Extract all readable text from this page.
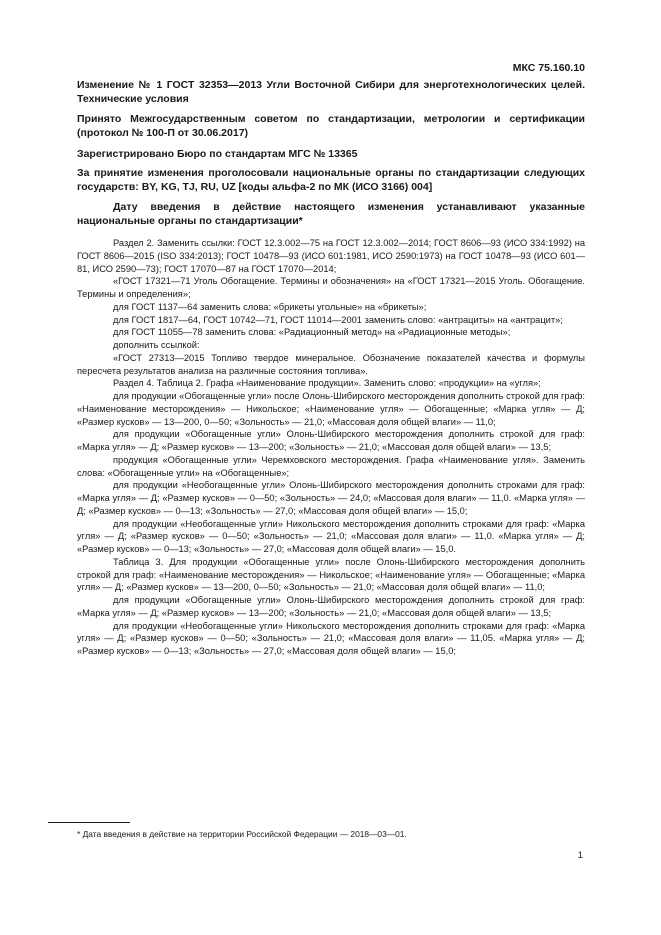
МКС 75.160.10

Изменение № 1 ГОСТ 32353—2013 Угли Восточной Сибири для энерготехнологических целей. Технические условия

Принято Межгосударственным советом по стандартизации, метрологии и сертификации (протокол № 100-П от 30.06.2017)

Зарегистрировано Бюро по стандартам МГС № 13365

За принятие изменения проголосовали национальные органы по стандартизации следующих государств: BY, KG, TJ, RU, UZ [коды альфа-2 по МК (ИСО 3166) 004]

Дату введения в действие настоящего изменения устанавливают указанные национальные органы по стандартизации*

Раздел 2. Заменить ссылки: ГОСТ 12.3.002—75 на ГОСТ 12.3.002—2014; ГОСТ 8606—93 (ИСО 334:1992) на ГОСТ 8606—2015 (ISO 334:2013); ГОСТ 10478—93 (ИСО 601:1981, ИСО 2590:1973) на ГОСТ 10478—93 (ИСО 601—81, ИСО 2590—73); ГОСТ 17070—87 на ГОСТ 17070—2014;

«ГОСТ 17321—71 Уголь Обогащение. Термины и обозначения» на «ГОСТ 17321—2015 Уголь. Обогащение. Термины и определения»;

для ГОСТ 1137—64 заменить слова: «брикеты угольные» на «брикеты»;

для ГОСТ 1817—64, ГОСТ 10742—71, ГОСТ 11014—2001 заменить слово: «антрациты» на «антрацит»;

для ГОСТ 11055—78 заменить слова: «Радиационный метод» на «Радиационные методы»;

дополнить ссылкой:

«ГОСТ 27313—2015 Топливо твердое минеральное. Обозначение показателей качества и формулы пересчета результатов анализа на различные состояния топлива».

Раздел 4. Таблица 2. Графа «Наименование продукции». Заменить слово: «продукции» на «угля»;

для продукции «Обогащенные угли» после Олонь-Шибирского месторождения дополнить строкой для граф: «Наименование месторождения» — Никольское; «Наименование угля» — Обогащенные; «Марка угля» — Д; «Размер кусков» — 13—200, 0—50; «Зольность» — 21,0; «Массовая доля общей влаги» — 11,0;

для продукции «Обогащенные угли» Олонь-Шибирского месторождения дополнить строкой для граф: «Марка угля» — Д; «Размер кусков» — 13—200; «Зольность» — 21,0; «Массовая доля общей влаги» — 13,5;

продукция «Обогащенные угли» Черемховского месторождения. Графа «Наименование угля». Заменить слова: «Обогащенные угли» на «Обогащенные»;

для продукции «Необогащенные угли» Олонь-Шибирского месторождения дополнить строками для граф: «Марка угля» — Д; «Размер кусков» — 0—50; «Зольность» — 24,0; «Массовая доля влаги» — 11,0. «Марка угля» — Д; «Размер кусков» — 0—13; «Зольность» — 27,0; «Массовая доля общей влаги» — 15,0;

для продукции «Необогащенные угли» Никольского месторождения дополнить строками для граф: «Марка угля» — Д; «Размер кусков» — 0—50; «Зольность» — 21,0; «Массовая доля влаги» — 11,0. «Марка угля» — Д; «Размер кусков» — 0—13; «Зольность» — 27,0; «Массовая доля общей влаги» — 15,0.

Таблица 3. Для продукции «Обогащенные угли» после Олонь-Шибирского месторождения дополнить строкой для граф: «Наименование месторождения» — Никольское; «Наименование угля» — Обогащенные; «Марка угля» — Д; «Размер кусков» — 13—200, 0—50; «Зольность» — 21,0; «Массовая доля общей влаги» — 11,0;

для продукции «Обогащенные угли» Олонь-Шибирского месторождения дополнить строкой для граф: «Марка угля» — Д; «Размер кусков» — 13—200; «Зольность» — 21,0; «Массовая доля общей влаги» — 13,5;

для продукции «Необогащенные угли» Никольского месторождения дополнить строками для граф: «Марка угля» — Д; «Размер кусков» — 0—50; «Зольность» — 21,0; «Массовая доля влаги» — 11,05. «Марка угля» — Д; «Размер кусков» — 0—13; «Зольность» — 27,0; «Массовая доля общей влаги» — 15,0;

* Дата введения в действие на территории Российской Федерации — 2018—03—01.

1
